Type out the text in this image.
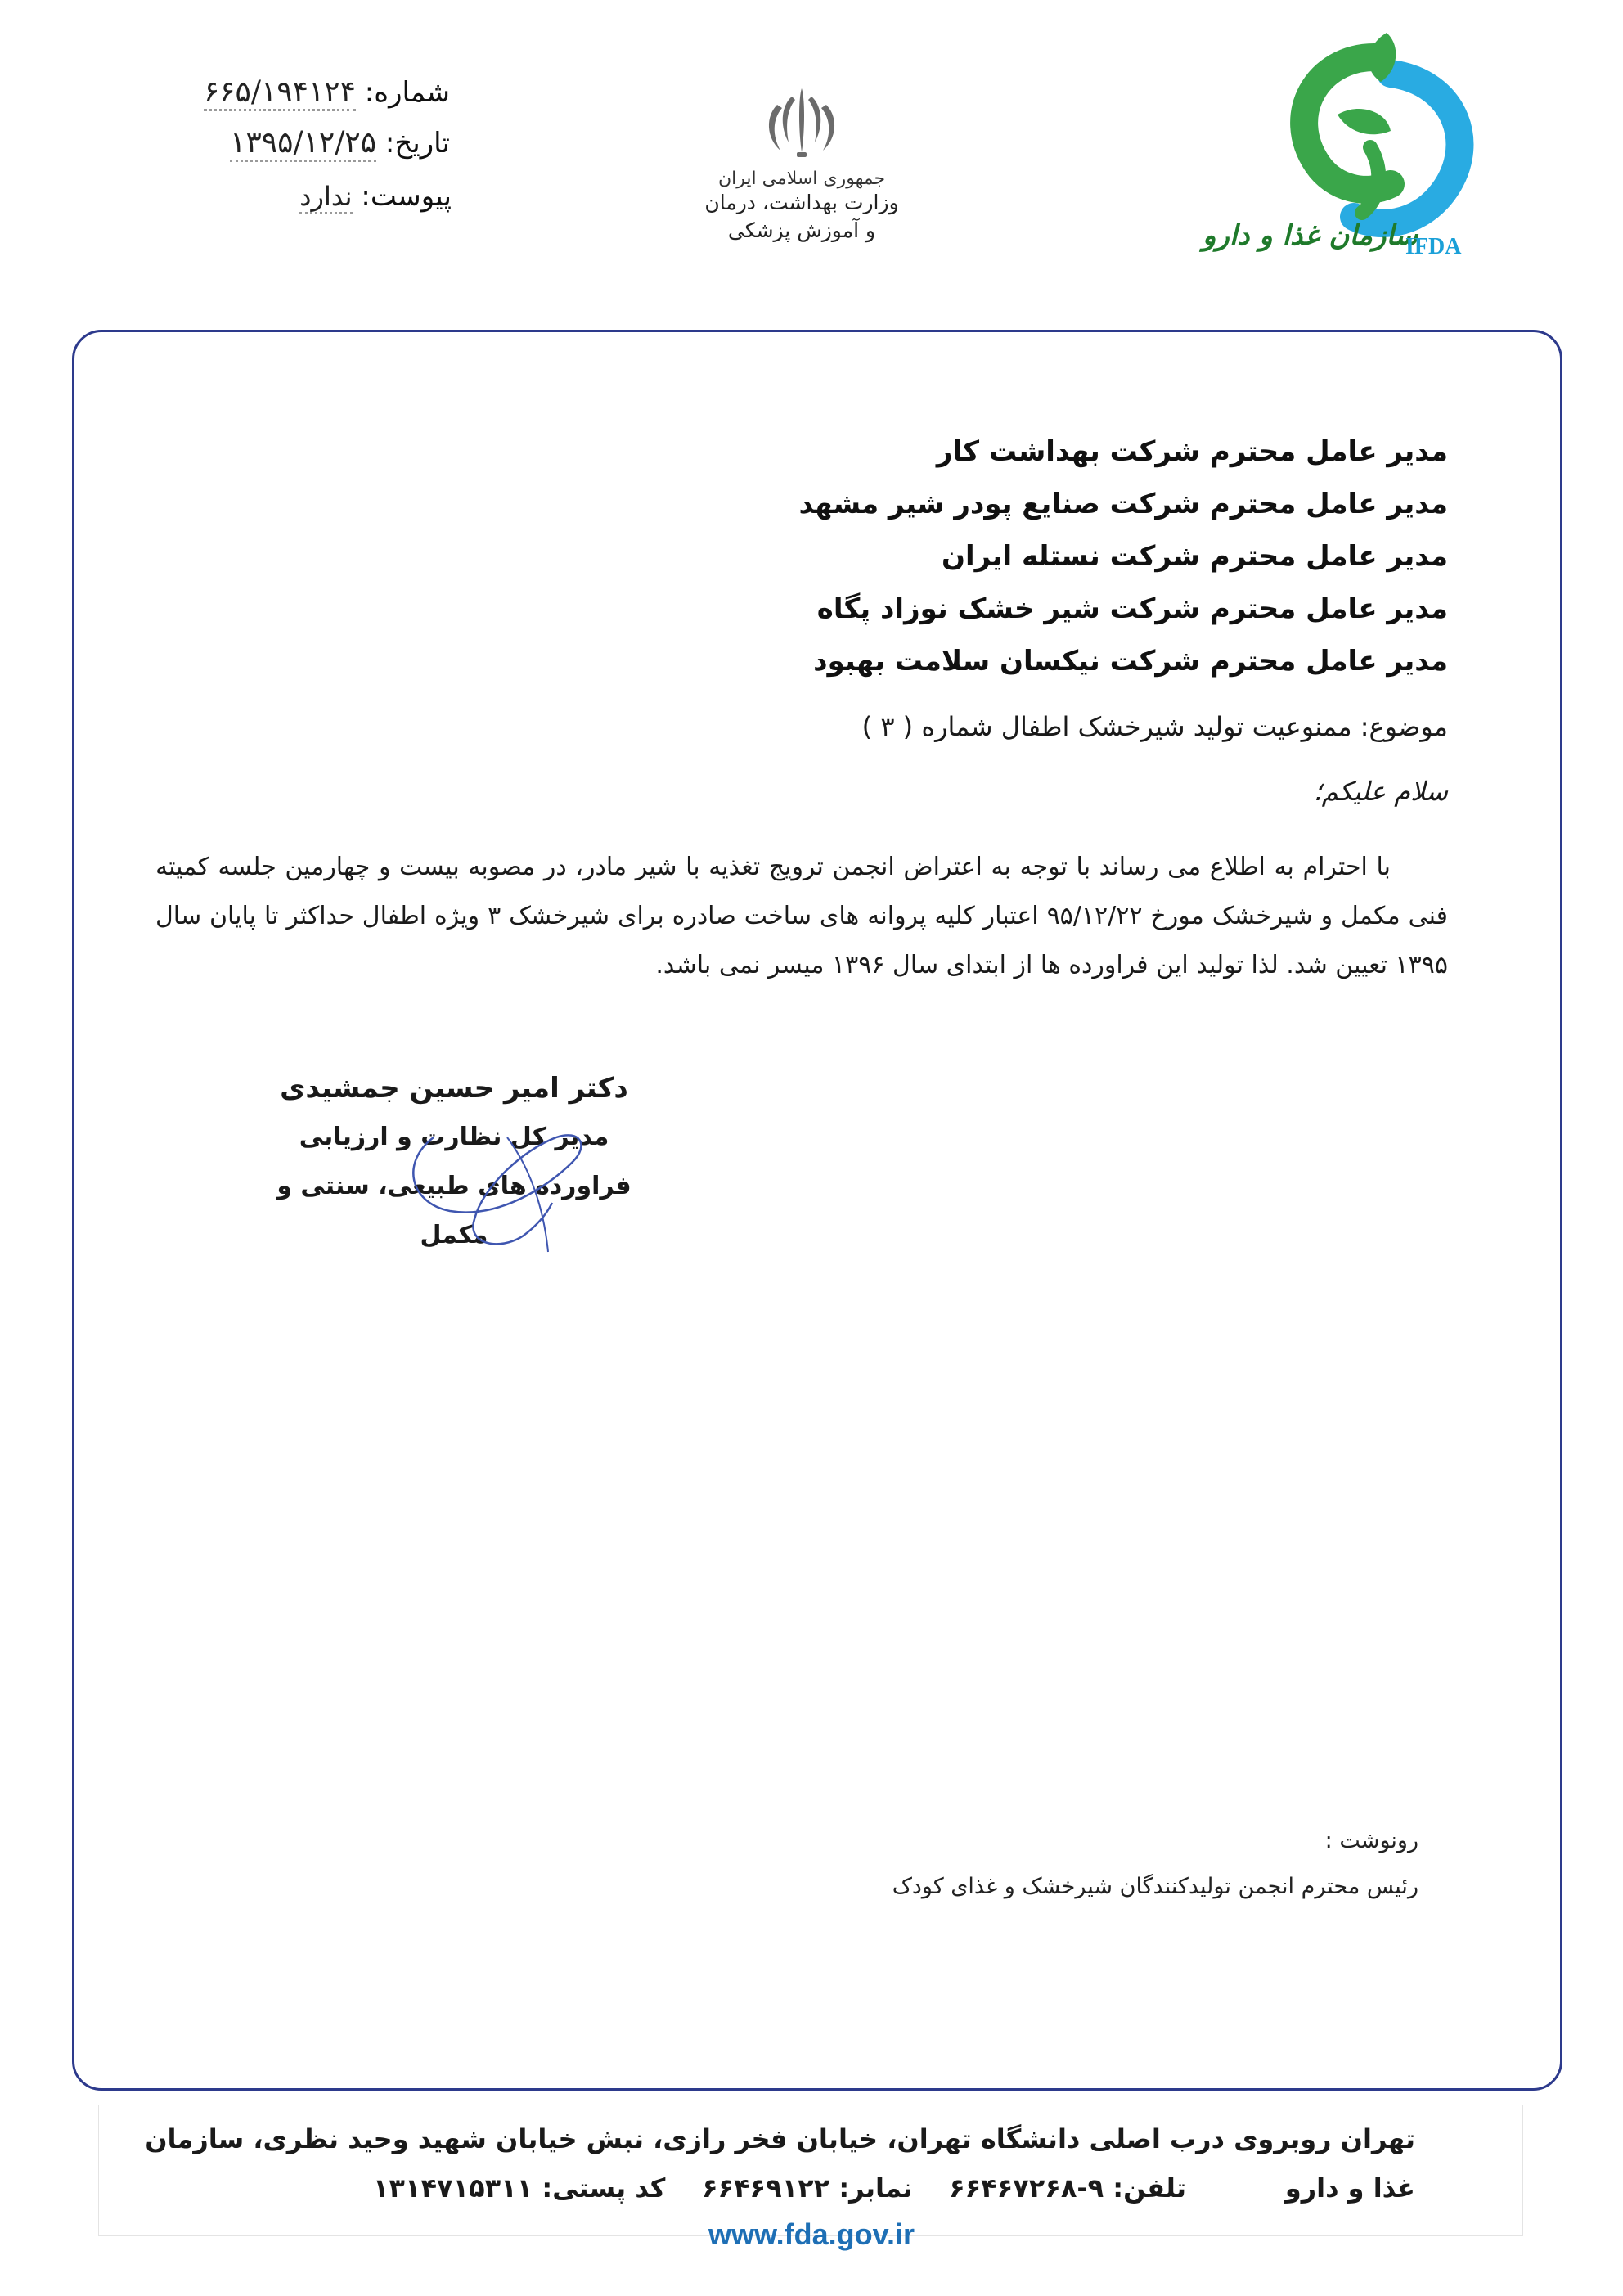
شماره: ۶۶۵/۱۹۴۱۲۴
تاریخ: ۱۳۹۵/۱۲/۲۵
پیوست: ندارد
جمهوری اسلامی ایران
وزارت بهداشت، درمان
و آموزش پزشکی	سازمان غذا و دارو
IFDA
مدیر عامل محترم شرکت بهداشت کار
مدیر عامل محترم شرکت صنایع پودر شیر مشهد
مدیر عامل محترم شرکت نستله ایران
مدیر عامل محترم شرکت شیر خشک نوزاد پگاه
مدیر عامل محترم شرکت نیکسان سلامت بهبود
موضوع: ممنوعیت تولید شیرخشک اطفال شماره ( ۳ )
سلام علیکم؛

با احترام به اطلاع می رساند با توجه به اعتراض انجمن ترویج تغذیه با شیر مادر، در مصوبه بیست و چهارمین جلسه کمیته فنی مکمل و شیرخشک مورخ ۹۵/۱۲/۲۲ اعتبار کلیه پروانه های ساخت صادره برای شیرخشک ۳ ویژه اطفال حداکثر تا پایان سال ۱۳۹۵ تعیین شد. لذا تولید این فراورده ها از ابتدای سال ۱۳۹۶ میسر نمی باشد.

دکتر امیر حسین جمشیدی
مدیر کل نظارت و ارزیابی
فراورده های طبیعی، سنتی و مکمل
رونوشت :
رئیس محترم انجمن تولیدکنندگان شیرخشک و غذای کودک
تهران روبروی درب اصلی دانشگاه تهران، خیابان فخر رازی، نبش خیابان شهید وحید نظری، سازمان غذا و دارو
تلفن: ۹-۶۶۴۶۷۲۶۸    نمابر: ۶۶۴۶۹۱۲۲    کد پستی: ۱۳۱۴۷۱۵۳۱۱
www.fda.gov.ir
